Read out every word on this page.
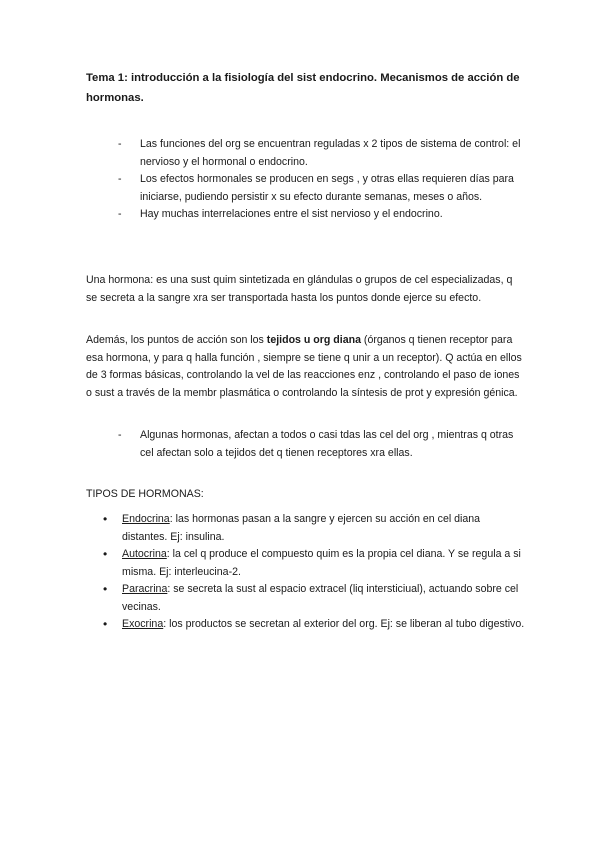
Tema 1: introducción a la fisiología del sist endocrino. Mecanismos de acción de hormonas.

- Las funciones del org se encuentran reguladas x 2 tipos de sistema de control: el nervioso y el hormonal o endocrino.
- Los efectos hormonales se producen en segs , y otras ellas requieren días para iniciarse, pudiendo persistir x su efecto durante semanas, meses o años.
- Hay muchas interrelaciones entre el sist nervioso y el endocrino.

Una hormona: es una sust quim sintetizada en glándulas o grupos de cel especializadas, q se secreta a la sangre xra ser transportada hasta los puntos donde ejerce su efecto.

Además, los puntos de acción son los tejidos u org diana (órganos q tienen receptor para esa hormona, y para q halla función , siempre se tiene q unir a un receptor). Q actúa en ellos de 3 formas básicas, controlando la vel de las reacciones enz , controlando el paso de iones o sust a través de la membr plasmática o controlando la síntesis de prot y expresión génica.

- Algunas hormonas, afectan a todos o casi tdas las cel del org , mientras q otras cel afectan solo a tejidos det q tienen receptores xra ellas.

TIPOS DE HORMONAS:

• Endocrina: las hormonas pasan a la sangre y ejercen su acción en cel diana distantes. Ej: insulina.
• Autocrina: la cel q produce el compuesto quim es la propia cel diana. Y se regula a si misma. Ej: interleucina-2.
• Paracrina: se secreta la sust al espacio extracel (liq intersticiual), actuando sobre cel vecinas.
• Exocrina: los productos se secretan al exterior del org. Ej: se liberan al tubo digestivo.
